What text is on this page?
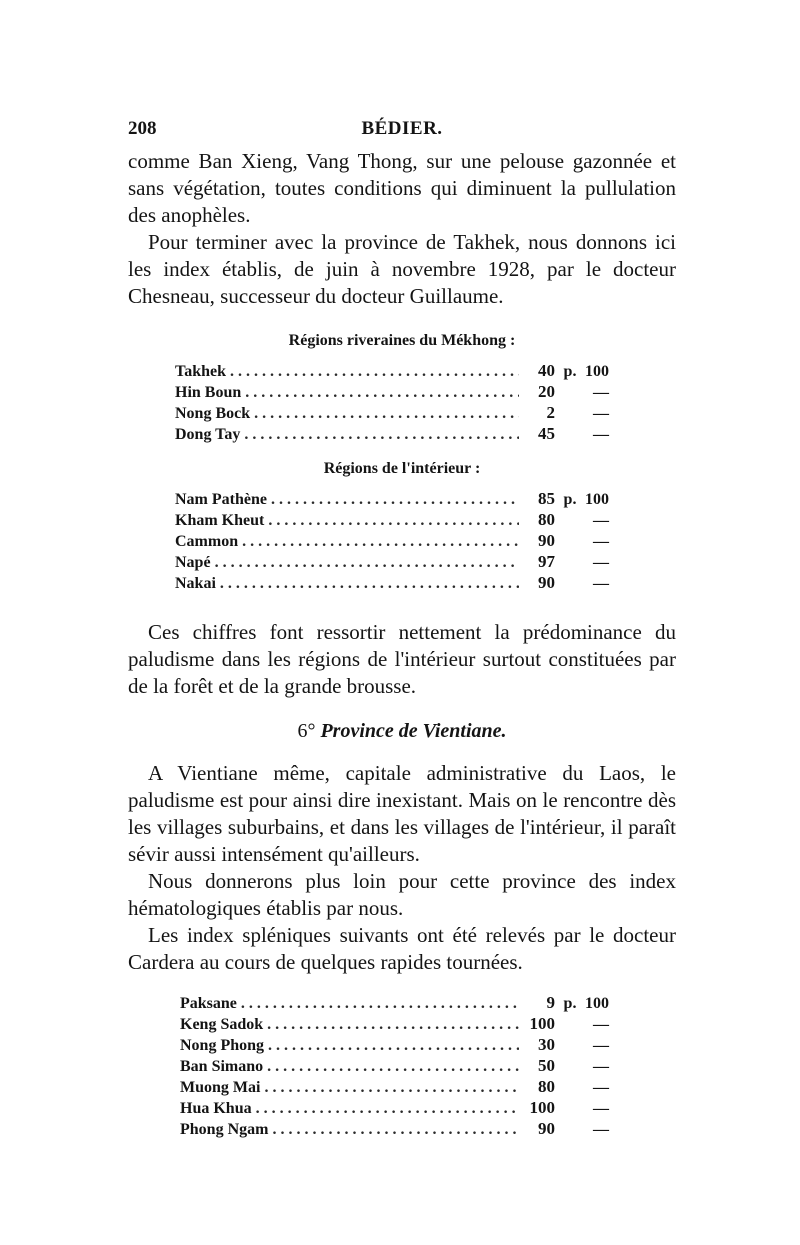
208	BÉDIER.

comme Ban Xieng, Vang Thong, sur une pelouse gazonnée et sans végétation, toutes conditions qui diminuent la pullulation des anophèles.

Pour terminer avec la province de Takhek, nous donnons ici les index établis, de juin à novembre 1928, par le docteur Chesneau, successeur du docteur Guillaume.

Régions riveraines du Mékhong :

Takhek . . .	40 p. 100
Hin Boun . . .	20	—
Nong Bock . . .	2	—
Dong Tay . . .	45	—

Régions de l'intérieur :

Nam Pathène . . .	85 p. 100
Kham Kheut . . .	80	—
Cammon . . .	90	—
Napé . . .	97	—
Nakai . . .	90	—

Ces chiffres font ressortir nettement la prédominance du paludisme dans les régions de l'intérieur surtout constituées par de la forêt et de la grande brousse.

6° Province de Vientiane.

A Vientiane même, capitale administrative du Laos, le paludisme est pour ainsi dire inexistant. Mais on le rencontre dès les villages suburbains, et dans les villages de l'intérieur, il paraît sévir aussi intensément qu'ailleurs.

Nous donnerons plus loin pour cette province des index hématologiques établis par nous.

Les index spléniques suivants ont été relevés par le docteur Cardera au cours de quelques rapides tournées.

Paksane . . .	9 p. 100
Keng Sadok . . .	100	—
Nong Phong . . .	30	—
Ban Simano . . .	50	—
Muong Mai . . .	80	—
Hua Khua . . .	100	—
Phong Ngam . . .	90	—
